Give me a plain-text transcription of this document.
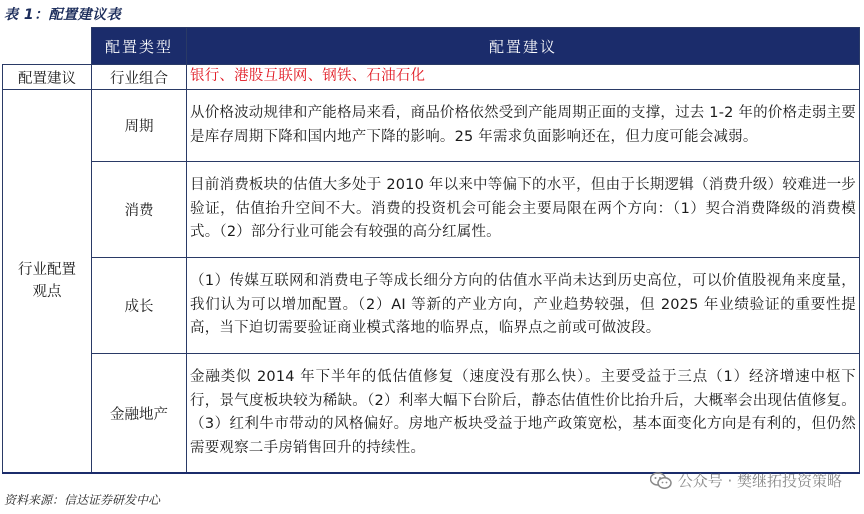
表 1：配置建议表
	配置类型	配置建议
配置建议	行业组合	银行、港股互联网、钢铁、石油石化
行业配置观点	周期	从价格波动规律和产能格局来看，商品价格依然受到产能周期正面的支撑，过去 1-2 年的价格走弱主要是库存周期下降和国内地产下降的影响。25 年需求负面影响还在，但力度可能会减弱。
	消费	目前消费板块的估值大多处于 2010 年以来中等偏下的水平，但由于长期逻辑（消费升级）较难进一步验证，估值抬升空间不大。消费的投资机会可能会主要局限在两个方向：（1）契合消费降级的消费模式。（2）部分行业可能会有较强的高分红属性。
	成长	（1）传媒互联网和消费电子等成长细分方向的估值水平尚未达到历史高位，可以价值股视角来度量，我们认为可以增加配置。（2）AI 等新的产业方向，产业趋势较强，但 2025 年业绩验证的重要性提高，当下迫切需要验证商业模式落地的临界点，临界点之前或可做波段。
	金融地产	金融类似 2014 年下半年的低估值修复（速度没有那么快）。主要受益于三点（1）经济增速中枢下行，景气度板块较为稀缺。（2）利率大幅下台阶后，静态估值性价比抬升后，大概率会出现估值修复。（3）红利牛市带动的风格偏好。房地产板块受益于地产政策宽松，基本面变化方向是有利的，但仍然需要观察二手房销售回升的持续性。
公众号 · 樊继拓投资策略
资料来源：信达证券研发中心
